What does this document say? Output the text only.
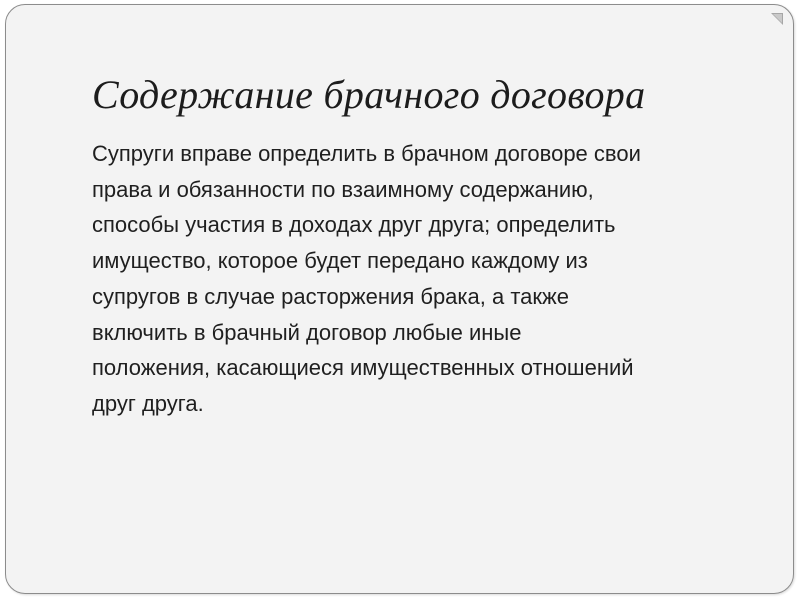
Содержание брачного договора
Супруги вправе определить в брачном договоре свои
права и обязанности по взаимному содержанию,
способы участия в доходах друг друга; определить
имущество, которое будет передано каждому из
супругов в случае расторжения брака, а также
включить в брачный договор любые иные
положения, касающиеся имущественных отношений
друг друга.
